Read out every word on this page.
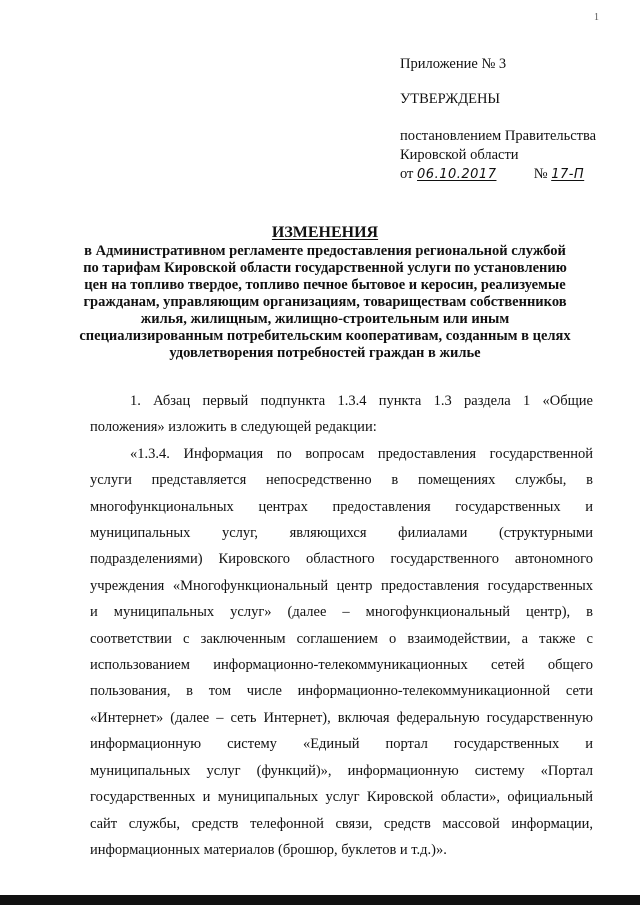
1
Приложение № 3
УТВЕРЖДЕНЫ
постановлением Правительства
Кировской области
от 06.10.2017	№ 17-П
ИЗМЕНЕНИЯ
в Административном регламенте предоставления региональной службой
по тарифам Кировской области государственной услуги по установлению
цен на топливо твердое, топливо печное бытовое и керосин, реализуемые
гражданам, управляющим организациям, товариществам собственников
жилья, жилищным, жилищно-строительным или иным
специализированным потребительским кооперативам, созданным в целях
удовлетворения потребностей граждан в жилье
1. Абзац первый подпункта 1.3.4 пункта 1.3 раздела 1 «Общие
положения» изложить в следующей редакции:
«1.3.4. Информация по вопросам предоставления государственной
услуги представляется непосредственно в помещениях службы, в
многофункциональных центрах предоставления государственных и
муниципальных услуг, являющихся филиалами (структурными
подразделениями) Кировского областного государственного автономного
учреждения «Многофункциональный центр предоставления государственных
и муниципальных услуг» (далее – многофункциональный центр), в
соответствии с заключенным соглашением о взаимодействии, а также с
использованием информационно-телекоммуникационных сетей общего
пользования, в том числе информационно-телекоммуникационной сети
«Интернет» (далее – сеть Интернет), включая федеральную государственную
информационную систему «Единый портал государственных и
муниципальных услуг (функций)», информационную систему «Портал
государственных и муниципальных услуг Кировской области», официальный
сайт службы, средств телефонной связи, средств массовой информации,
информационных материалов (брошюр, буклетов и т.д.)».
